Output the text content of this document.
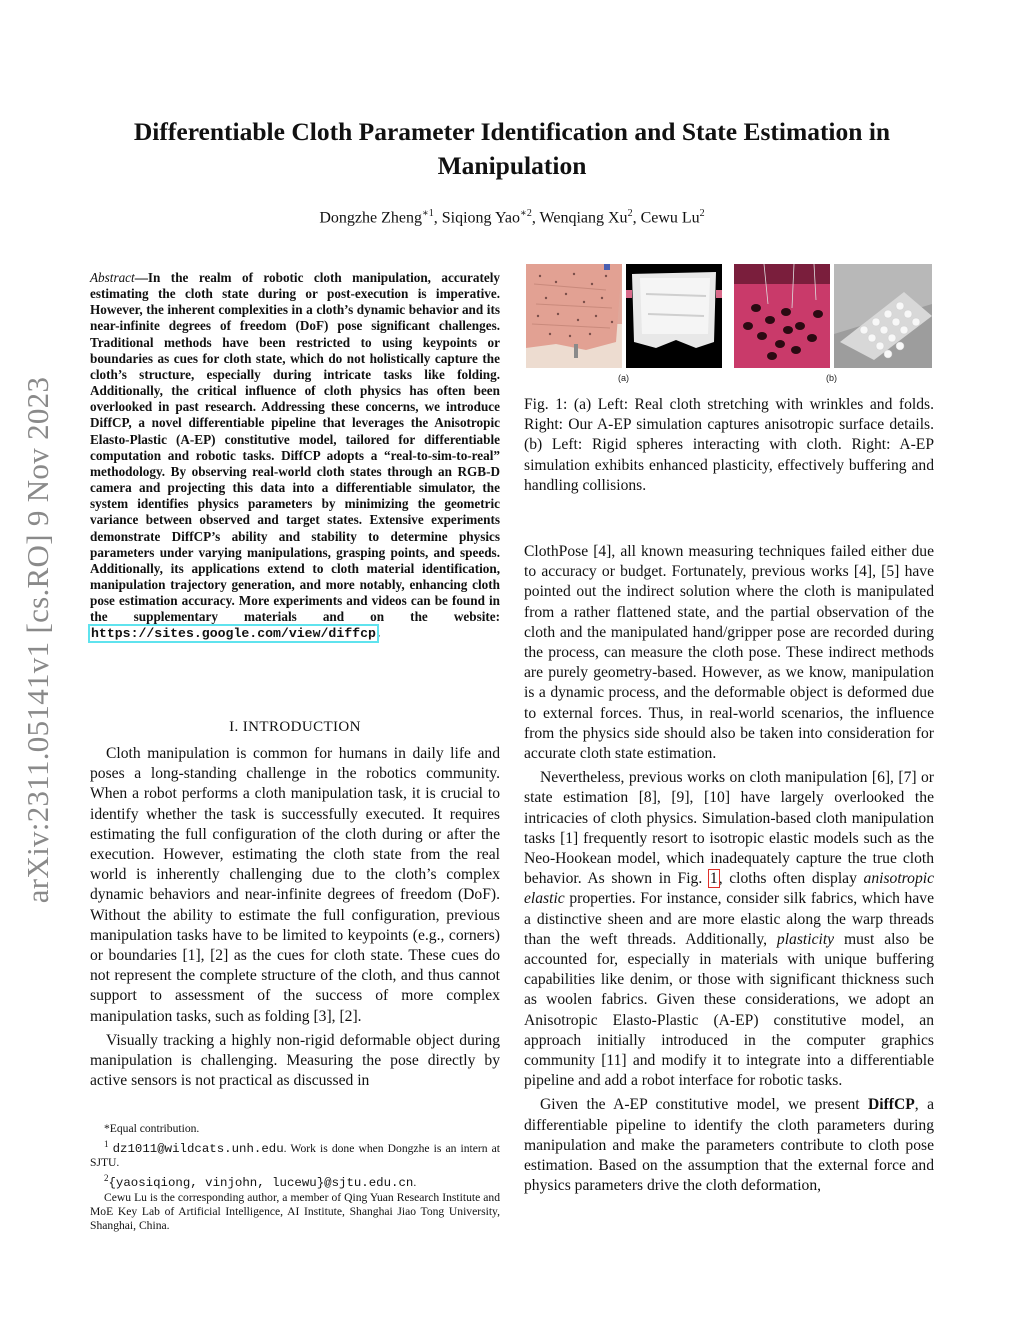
arXiv:2311.05141v1 [cs.RO] 9 Nov 2023
Differentiable Cloth Parameter Identification and State Estimation in Manipulation
Dongzhe Zheng$^{∗1}$, Siqiong Yao$^{∗2}$, Wenqiang Xu$^2$, Cewu Lu$^2$
Abstract—In the realm of robotic cloth manipulation, accurately estimating the cloth state during or post-execution is imperative. However, the inherent complexities in a cloth’s dynamic behavior and its near-infinite degrees of freedom (DoF) pose significant challenges. Traditional methods have been restricted to using keypoints or boundaries as cues for cloth state, which do not holistically capture the cloth’s structure, especially during intricate tasks like folding. Additionally, the critical influence of cloth physics has often been overlooked in past research. Addressing these concerns, we introduce DiffCP, a novel differentiable pipeline that leverages the Anisotropic Elasto-Plastic (A-EP) constitutive model, tailored for differentiable computation and robotic tasks. DiffCP adopts a “real-to-sim-to-real” methodology. By observing real-world cloth states through an RGB-D camera and projecting this data into a differentiable simulator, the system identifies physics parameters by minimizing the geometric variance between observed and target states. Extensive experiments demonstrate DiffCP’s ability and stability to determine physics parameters under varying manipulations, grasping points, and speeds. Additionally, its applications extend to cloth material identification, manipulation trajectory generation, and more notably, enhancing cloth pose estimation accuracy. More experiments and videos can be found in the supplementary materials and on the website: https://sites.google.com/view/diffcp.
I. INTRODUCTION

Cloth manipulation is common for humans in daily life and poses a long-standing challenge in the robotics community. When a robot performs a cloth manipulation task, it is crucial to identify whether the task is successfully executed. It requires estimating the full configuration of the cloth during or after the execution. However, estimating the cloth state from the real world is inherently challenging due to the cloth’s complex dynamic behaviors and near-infinite degrees of freedom (DoF). Without the ability to estimate the full configuration, previous manipulation tasks have to be limited to keypoints (e.g., corners) or boundaries [1], [2] as the cues for cloth state. These cues do not represent the complete structure of the cloth, and thus cannot support to assessment of the success of more complex manipulation tasks, such as folding [3], [2].

Visually tracking a highly non-rigid deformable object during manipulation is challenging. Measuring the pose directly by active sensors is not practical as discussed in

*Equal contribution.

$^1$ dz1011@wildcats.unh.edu. Work is done when Dongzhe is an intern at SJTU.

$^2${yaosiqiong, vinjohn, lucewu}@sjtu.edu.cn.

Cewu Lu is the corresponding author, a member of Qing Yuan Research Institute and MoE Key Lab of Artificial Intelligence, AI Institute, Shanghai Jiao Tong University, Shanghai, China.

(a)	(b)
Fig. 1: (a) Left: Real cloth stretching with wrinkles and folds. Right: Our A-EP simulation captures anisotropic surface details. (b) Left: Rigid spheres interacting with cloth. Right: A-EP simulation exhibits enhanced plasticity, effectively buffering and handling collisions.

ClothPose [4], all known measuring techniques failed either due to accuracy or budget. Fortunately, previous works [4], [5] have pointed out the indirect solution where the cloth is manipulated from a rather flattened state, and the partial observation of the cloth and the manipulated hand/gripper pose are recorded during the process, can measure the cloth pose. These indirect methods are purely geometry-based. However, as we know, manipulation is a dynamic process, and the deformable object is deformed due to external forces. Thus, in real-world scenarios, the influence from the physics side should also be taken into consideration for accurate cloth state estimation.

Nevertheless, previous works on cloth manipulation [6], [7] or state estimation [8], [9], [10] have largely overlooked the intricacies of cloth physics. Simulation-based cloth manipulation tasks [1] frequently resort to isotropic elastic models such as the Neo-Hookean model, which inadequately capture the true cloth behavior. As shown in Fig. 1, cloths often display anisotropic elastic properties. For instance, consider silk fabrics, which have a distinctive sheen and are more elastic along the warp threads than the weft threads. Additionally, plasticity must also be accounted for, especially in materials with unique buffering capabilities like denim, or those with significant thickness such as woolen fabrics. Given these considerations, we adopt an Anisotropic Elasto-Plastic (A-EP) constitutive model, an approach initially introduced in the computer graphics community [11] and modify it to integrate into a differentiable pipeline and add a robot interface for robotic tasks.

Given the A-EP constitutive model, we present DiffCP, a differentiable pipeline to identify the cloth parameters during manipulation and make the parameters contribute to cloth pose estimation. Based on the assumption that the external force and physics parameters drive the cloth deformation,
